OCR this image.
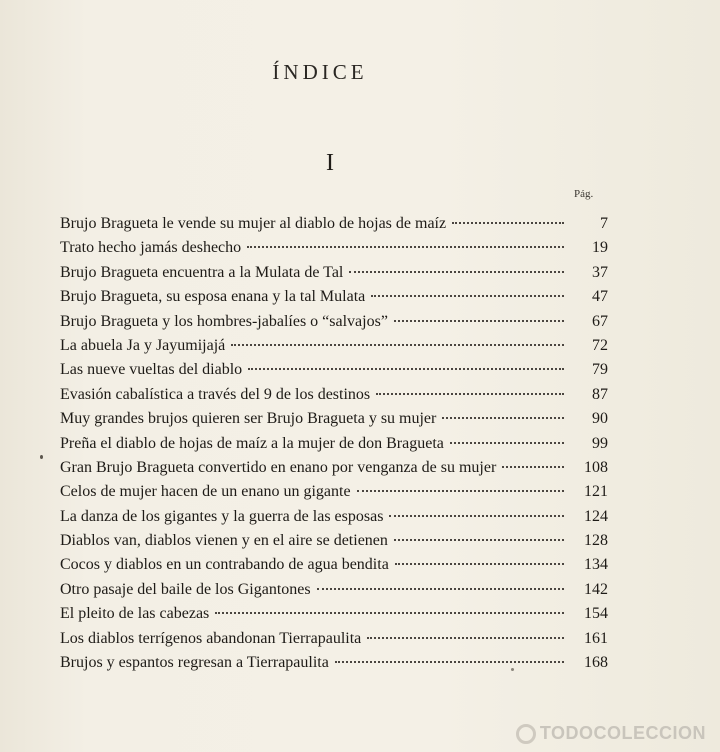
ÍNDICE
I
Pág.
Brujo Bragueta le vende su mujer al diablo de hojas de maíz	7
Trato hecho jamás deshecho	19
Brujo Bragueta encuentra a la Mulata de Tal	37
Brujo Bragueta, su esposa enana y la tal Mulata	47
Brujo Bragueta y los hombres-jabalíes o “salvajos”	67
La abuela Ja y Jayumijajá	72
Las nueve vueltas del diablo	79
Evasión cabalística a través del 9 de los destinos	87
Muy grandes brujos quieren ser Brujo Bragueta y su mujer	90
Preña el diablo de hojas de maíz a la mujer de don Bragueta	99
Gran Brujo Bragueta convertido en enano por venganza de su mujer	108
Celos de mujer hacen de un enano un gigante	121
La danza de los gigantes y la guerra de las esposas	124
Diablos van, diablos vienen y en el aire se detienen	128
Cocos y diablos en un contrabando de agua bendita	134
Otro pasaje del baile de los Gigantones	142
El pleito de las cabezas	154
Los diablos terrígenos abandonan Tierrapaulita	161
Brujos y espantos regresan a Tierrapaulita	168
TODOCOLECCION
